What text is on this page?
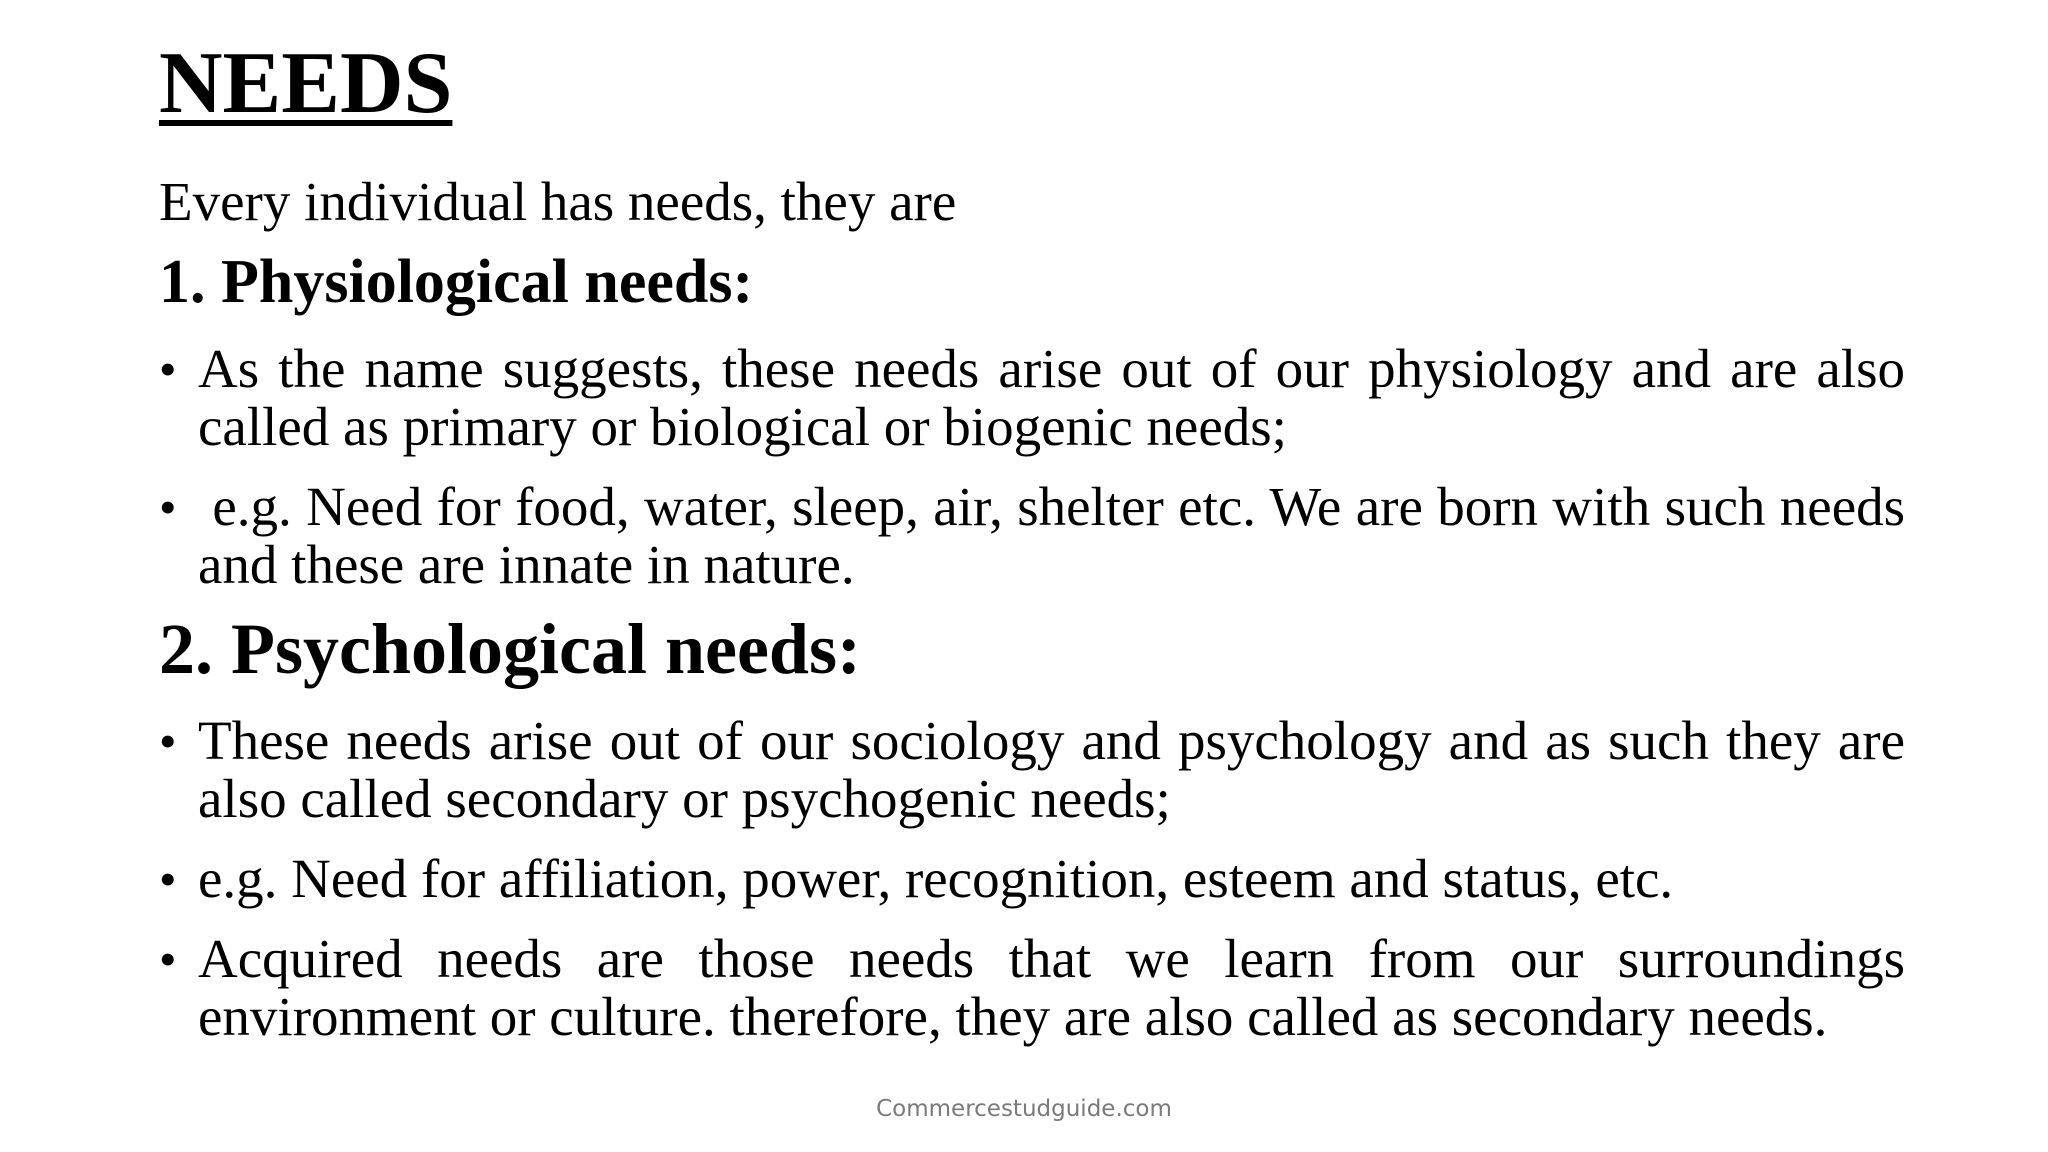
NEEDS

Every individual has needs, they are

1. Physiological needs:
• As the name suggests, these needs arise out of our physiology and are also called as primary or biological or biogenic needs;
• e.g. Need for food, water, sleep, air, shelter etc. We are born with such needs and these are innate in nature.
2. Psychological needs:
• These needs arise out of our sociology and psychology and as such they are also called secondary or psychogenic needs;
• e.g. Need for affiliation, power, recognition, esteem and status, etc.
• Acquired needs are those needs that we learn from our surroundings environment or culture. therefore, they are also called as secondary needs.
Commercestudguide.com
